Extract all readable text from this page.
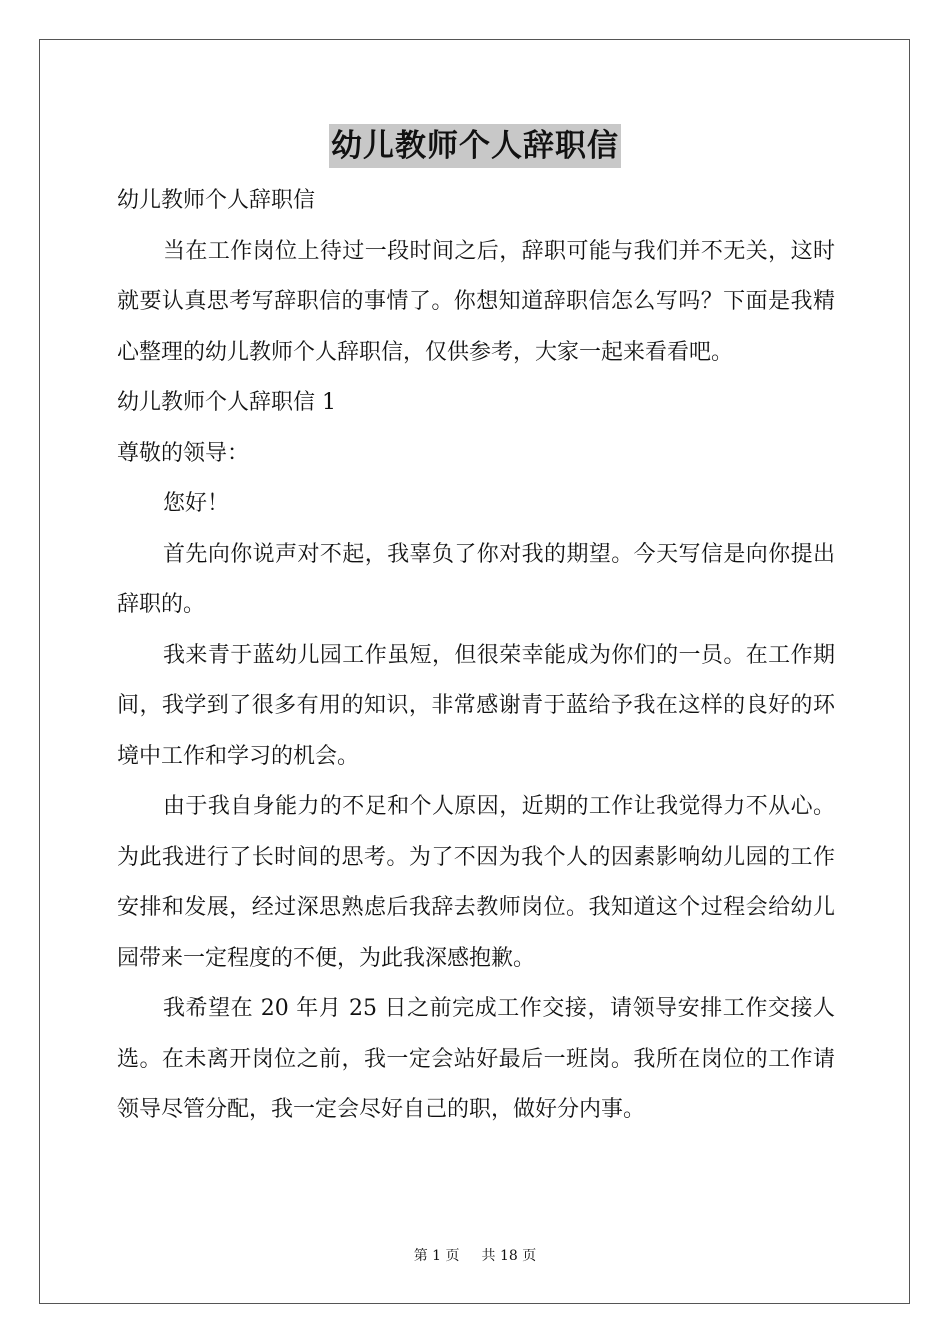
幼儿教师个人辞职信

幼儿教师个人辞职信

当在工作岗位上待过一段时间之后，辞职可能与我们并不无关，这时就要认真思考写辞职信的事情了。你想知道辞职信怎么写吗？下面是我精心整理的幼儿教师个人辞职信，仅供参考，大家一起来看看吧。

幼儿教师个人辞职信 1

尊敬的领导：

您好！

首先向你说声对不起，我辜负了你对我的期望。今天写信是向你提出辞职的。

我来青于蓝幼儿园工作虽短，但很荣幸能成为你们的一员。在工作期间，我学到了很多有用的知识，非常感谢青于蓝给予我在这样的良好的环境中工作和学习的机会。

由于我自身能力的不足和个人原因，近期的工作让我觉得力不从心。为此我进行了长时间的思考。为了不因为我个人的因素影响幼儿园的工作安排和发展，经过深思熟虑后我辞去教师岗位。我知道这个过程会给幼儿园带来一定程度的不便，为此我深感抱歉。

我希望在 20 年月 25 日之前完成工作交接，请领导安排工作交接人选。在未离开岗位之前，我一定会站好最后一班岗。我所在岗位的工作请领导尽管分配，我一定会尽好自己的职，做好分内事。

第 1 页 共 18 页
